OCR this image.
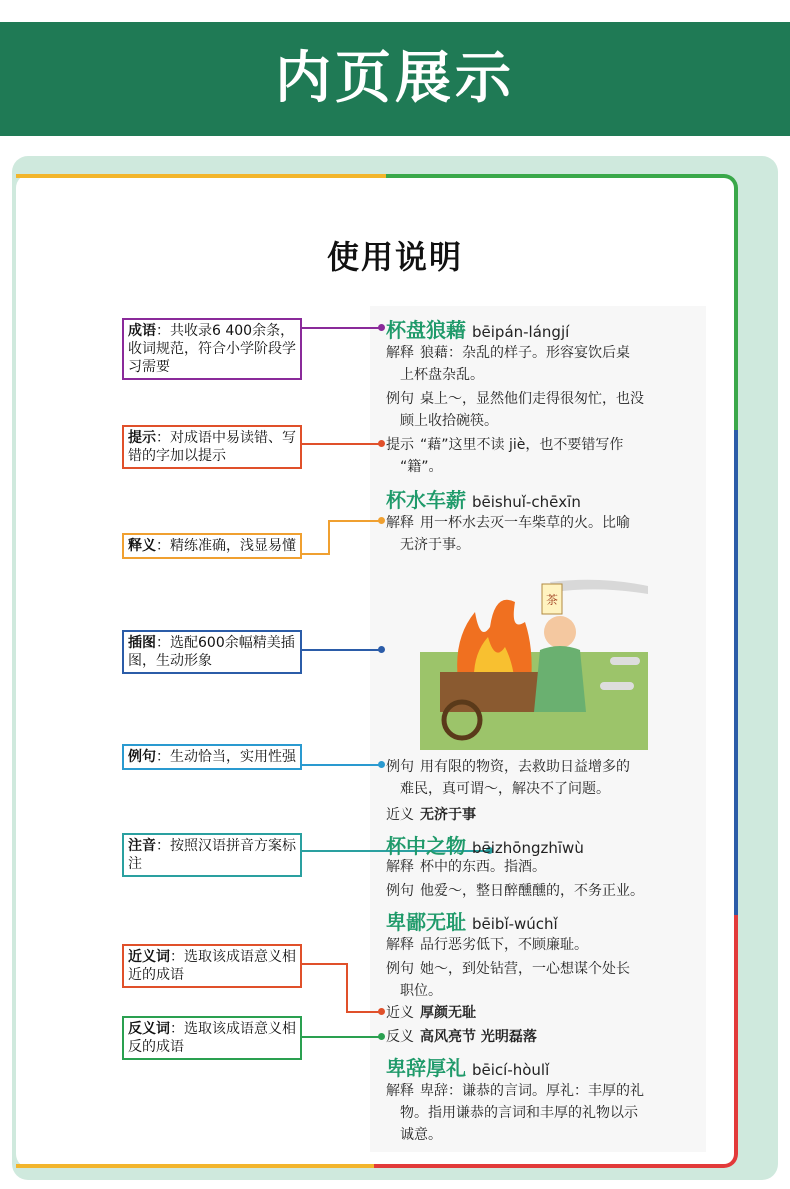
内页展示
使用说明
成语：共收录6 400余条，收词规范，符合小学阶段学习需要
提示：对成语中易读错、写错的字加以提示
释义：精练准确，浅显易懂
插图：选配600余幅精美插图，生动形象
例句：生动恰当，实用性强
注音：按照汉语拼音方案标注
近义词：选取该成语意义相近的成语
反义词：选取该成语意义相反的成语
杯盘狼藉 bēipán-lángjí
解释 狼藉：杂乱的样子。形容宴饮后桌
上杯盘杂乱。
例句 桌上～，显然他们走得很匆忙，也没
顾上收拾碗筷。
提示 “藉”这里不读 jiè，也不要错写作
“籍”。
杯水车薪 bēishuǐ-chēxīn
解释 用一杯水去灭一车柴草的火。比喻
无济于事。
茶
例句 用有限的物资，去救助日益增多的
难民，真可谓～，解决不了问题。
近义 无济于事
杯中之物 bēizhōngzhīwù
解释 杯中的东西。指酒。
例句 他爱～，整日醉醺醺的，不务正业。
卑鄙无耻 bēibǐ-wúchǐ
解释 品行恶劣低下，不顾廉耻。
例句 她～，到处钻营，一心想谋个处长
职位。
近义 厚颜无耻
反义 高风亮节 光明磊落
卑辞厚礼 bēicí-hòulǐ
解释 卑辞：谦恭的言词。厚礼：丰厚的礼
物。指用谦恭的言词和丰厚的礼物以示
诚意。
